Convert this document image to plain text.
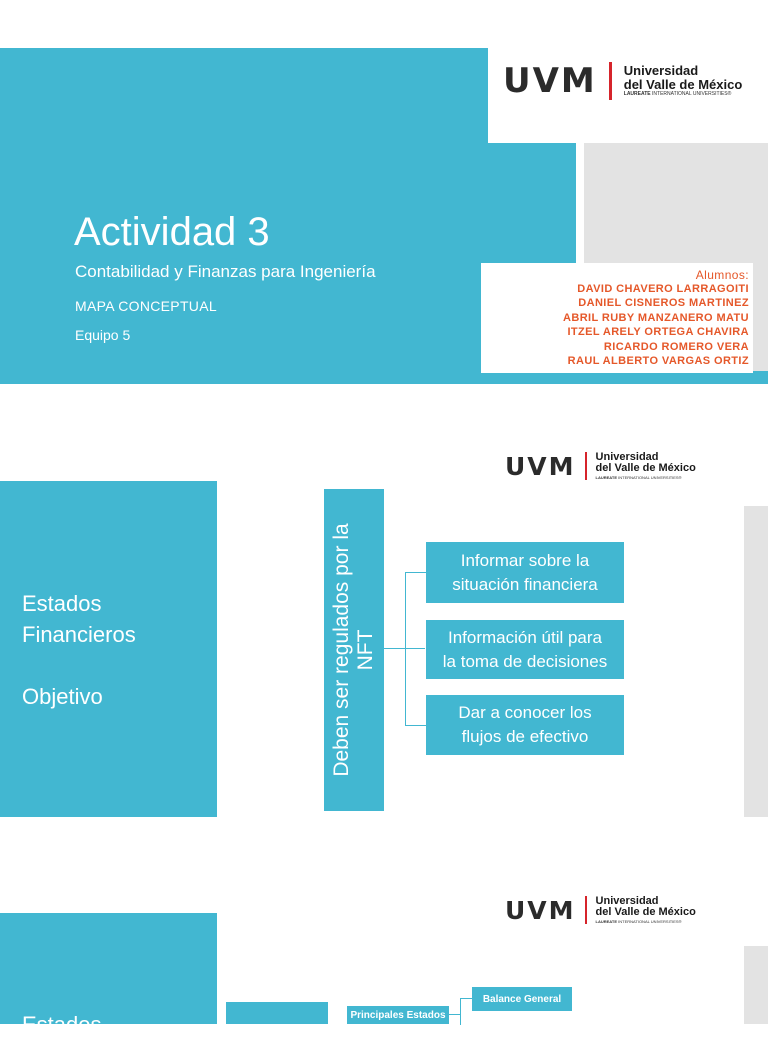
UVM Universidad
del Valle de México
LAUREATE INTERNATIONAL UNIVERSITIES®
Actividad 3
Contabilidad y Finanzas para Ingeniería
MAPA CONCEPTUAL
Equipo 5
Alumnos:
DAVID CHAVERO LARRAGOITI
DANIEL CISNEROS MARTINEZ
ABRIL RUBY MANZANERO MATU
ITZEL ARELY ORTEGA CHAVIRA
RICARDO ROMERO VERA
RAUL ALBERTO VARGAS ORTIZ
UVM Universidad
del Valle de México
LAUREATE INTERNATIONAL UNIVERSITIES®
Estados
Financieros
Objetivo	Deben ser regulados por la NFT
Informar sobre la
situación financiera
Información útil para
la toma de decisiones
Dar a conocer los
flujos de efectivo
UVM Universidad
del Valle de México
LAUREATE INTERNATIONAL UNIVERSITIES®
Estados	Principales Estados
Balance General
